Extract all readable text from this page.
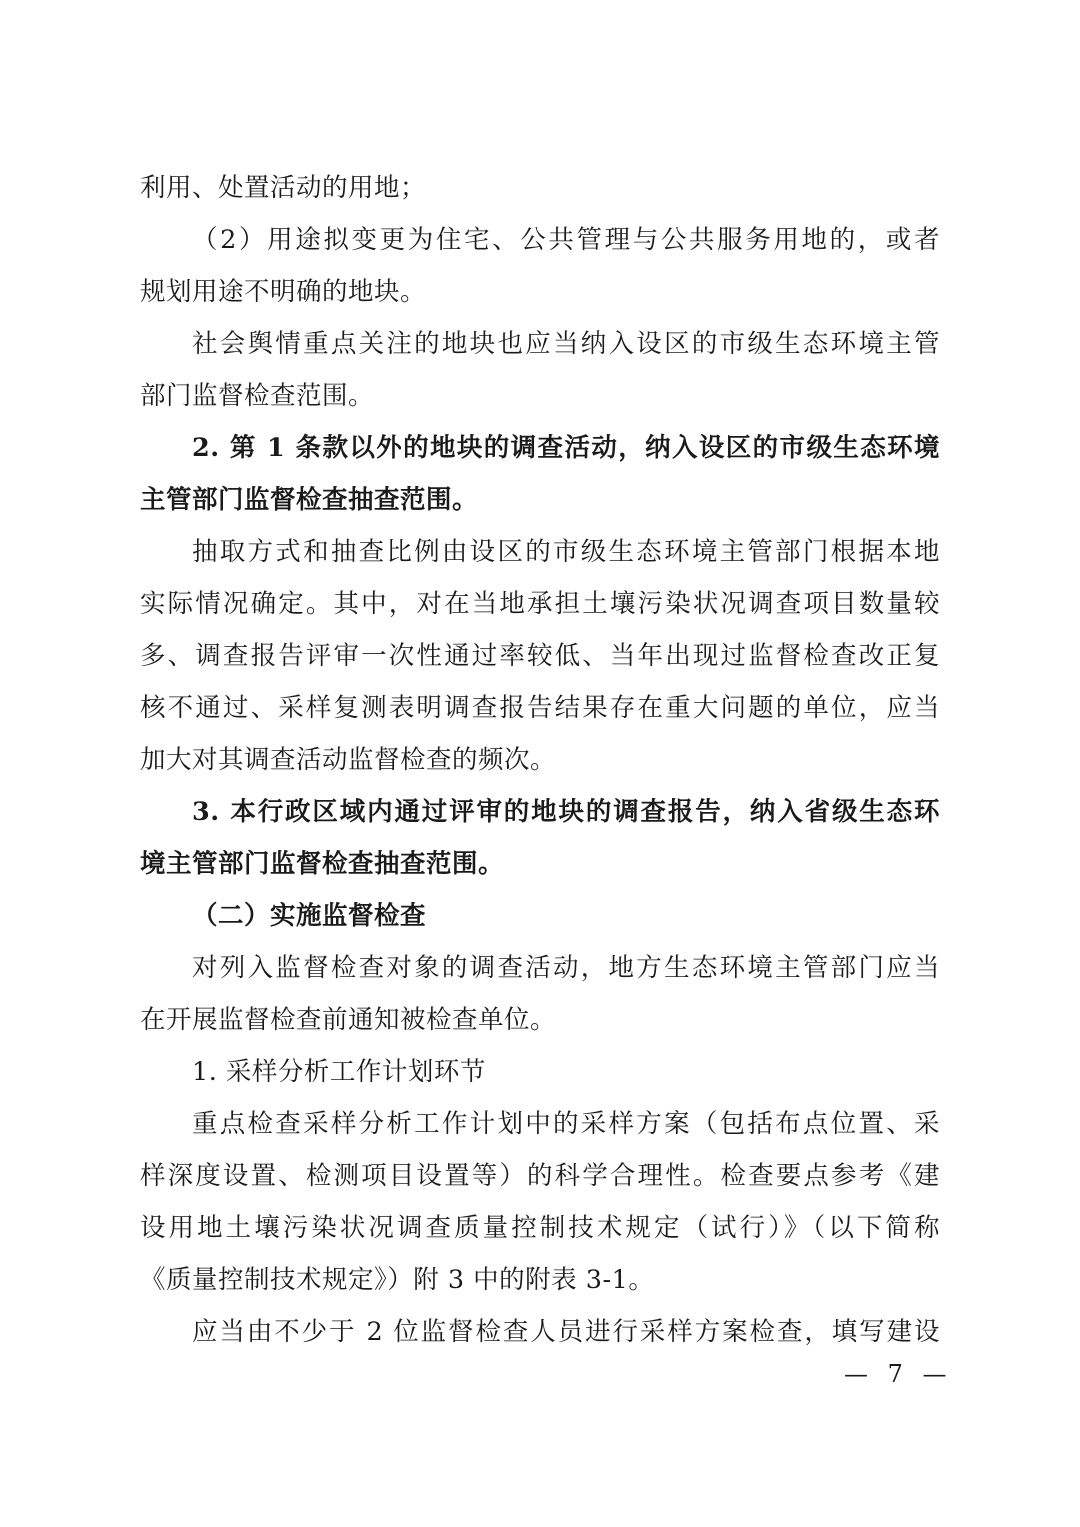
利用、处置活动的用地；
（2）用途拟变更为住宅、公共管理与公共服务用地的，或者
规划用途不明确的地块。
社会舆情重点关注的地块也应当纳入设区的市级生态环境主管
部门监督检查范围。
2. 第 1 条款以外的地块的调查活动，纳入设区的市级生态环境
主管部门监督检查抽查范围。
抽取方式和抽查比例由设区的市级生态环境主管部门根据本地
实际情况确定。其中，对在当地承担土壤污染状况调查项目数量较
多、调查报告评审一次性通过率较低、当年出现过监督检查改正复
核不通过、采样复测表明调查报告结果存在重大问题的单位，应当
加大对其调查活动监督检查的频次。
3. 本行政区域内通过评审的地块的调查报告，纳入省级生态环
境主管部门监督检查抽查范围。
（二）实施监督检查
对列入监督检查对象的调查活动，地方生态环境主管部门应当
在开展监督检查前通知被检查单位。
1. 采样分析工作计划环节
重点检查采样分析工作计划中的采样方案（包括布点位置、采
样深度设置、检测项目设置等）的科学合理性。检查要点参考《建
设用地土壤污染状况调查质量控制技术规定（试行）》（以下简称
《质量控制技术规定》）附 3 中的附表 3-1。
应当由不少于 2 位监督检查人员进行采样方案检查，填写建设
— 7 —
